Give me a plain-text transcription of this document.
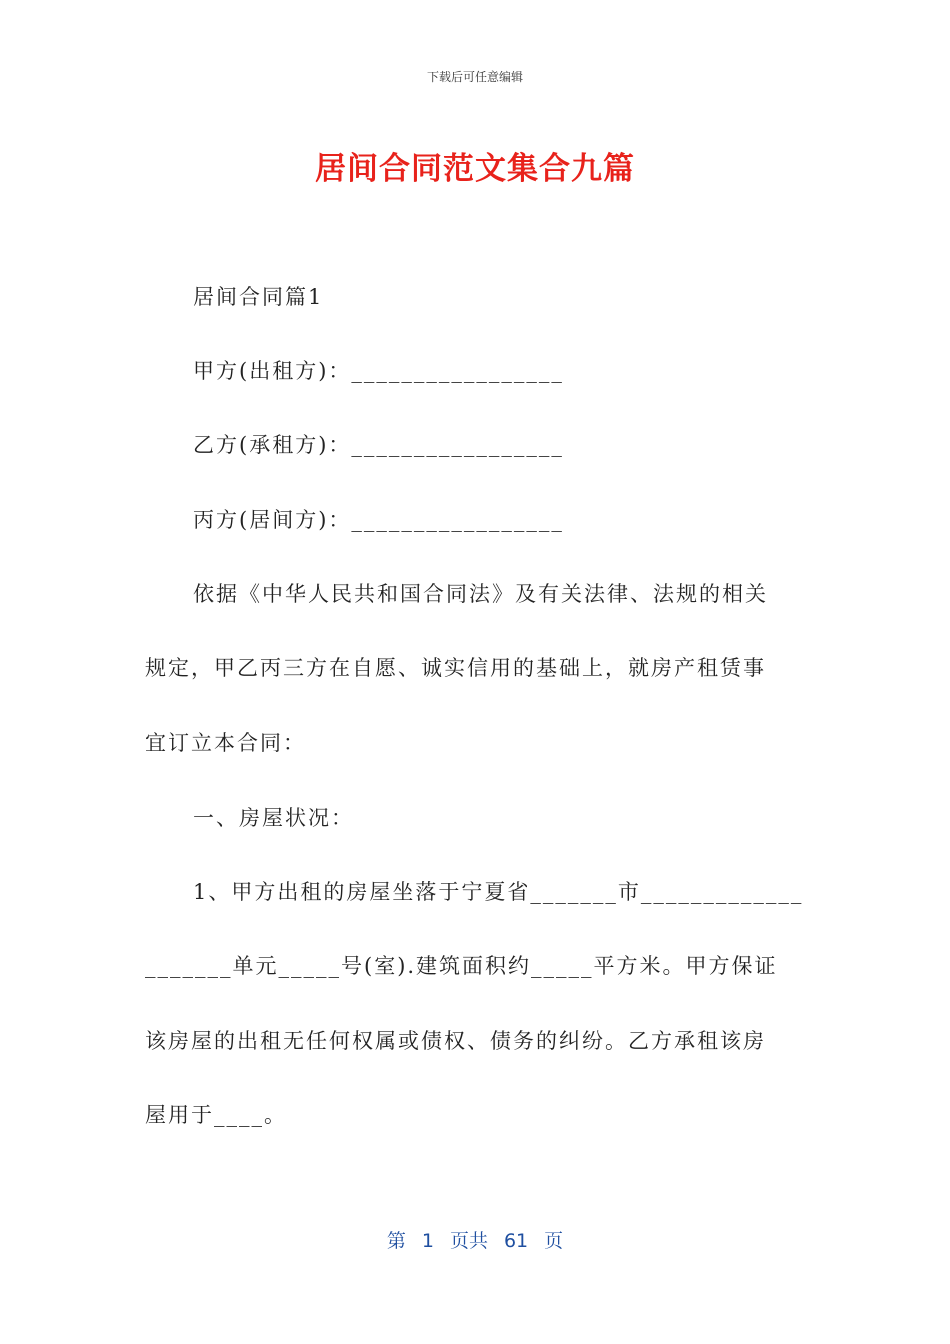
下载后可任意编辑
居间合同范文集合九篇
居间合同篇1
甲方(出租方)：_________________
乙方(承租方)：_________________
丙方(居间方)：_________________
依据《中华人民共和国合同法》及有关法律、法规的相关
规定，甲乙丙三方在自愿、诚实信用的基础上，就房产租赁事
宜订立本合同：
一、房屋状况：
1、甲方出租的房屋坐落于宁夏省_______市_____________
_______单元_____号(室).建筑面积约_____平方米。甲方保证
该房屋的出租无任何权属或债权、债务的纠纷。乙方承租该房
屋用于____。
第 1 页共 61 页
